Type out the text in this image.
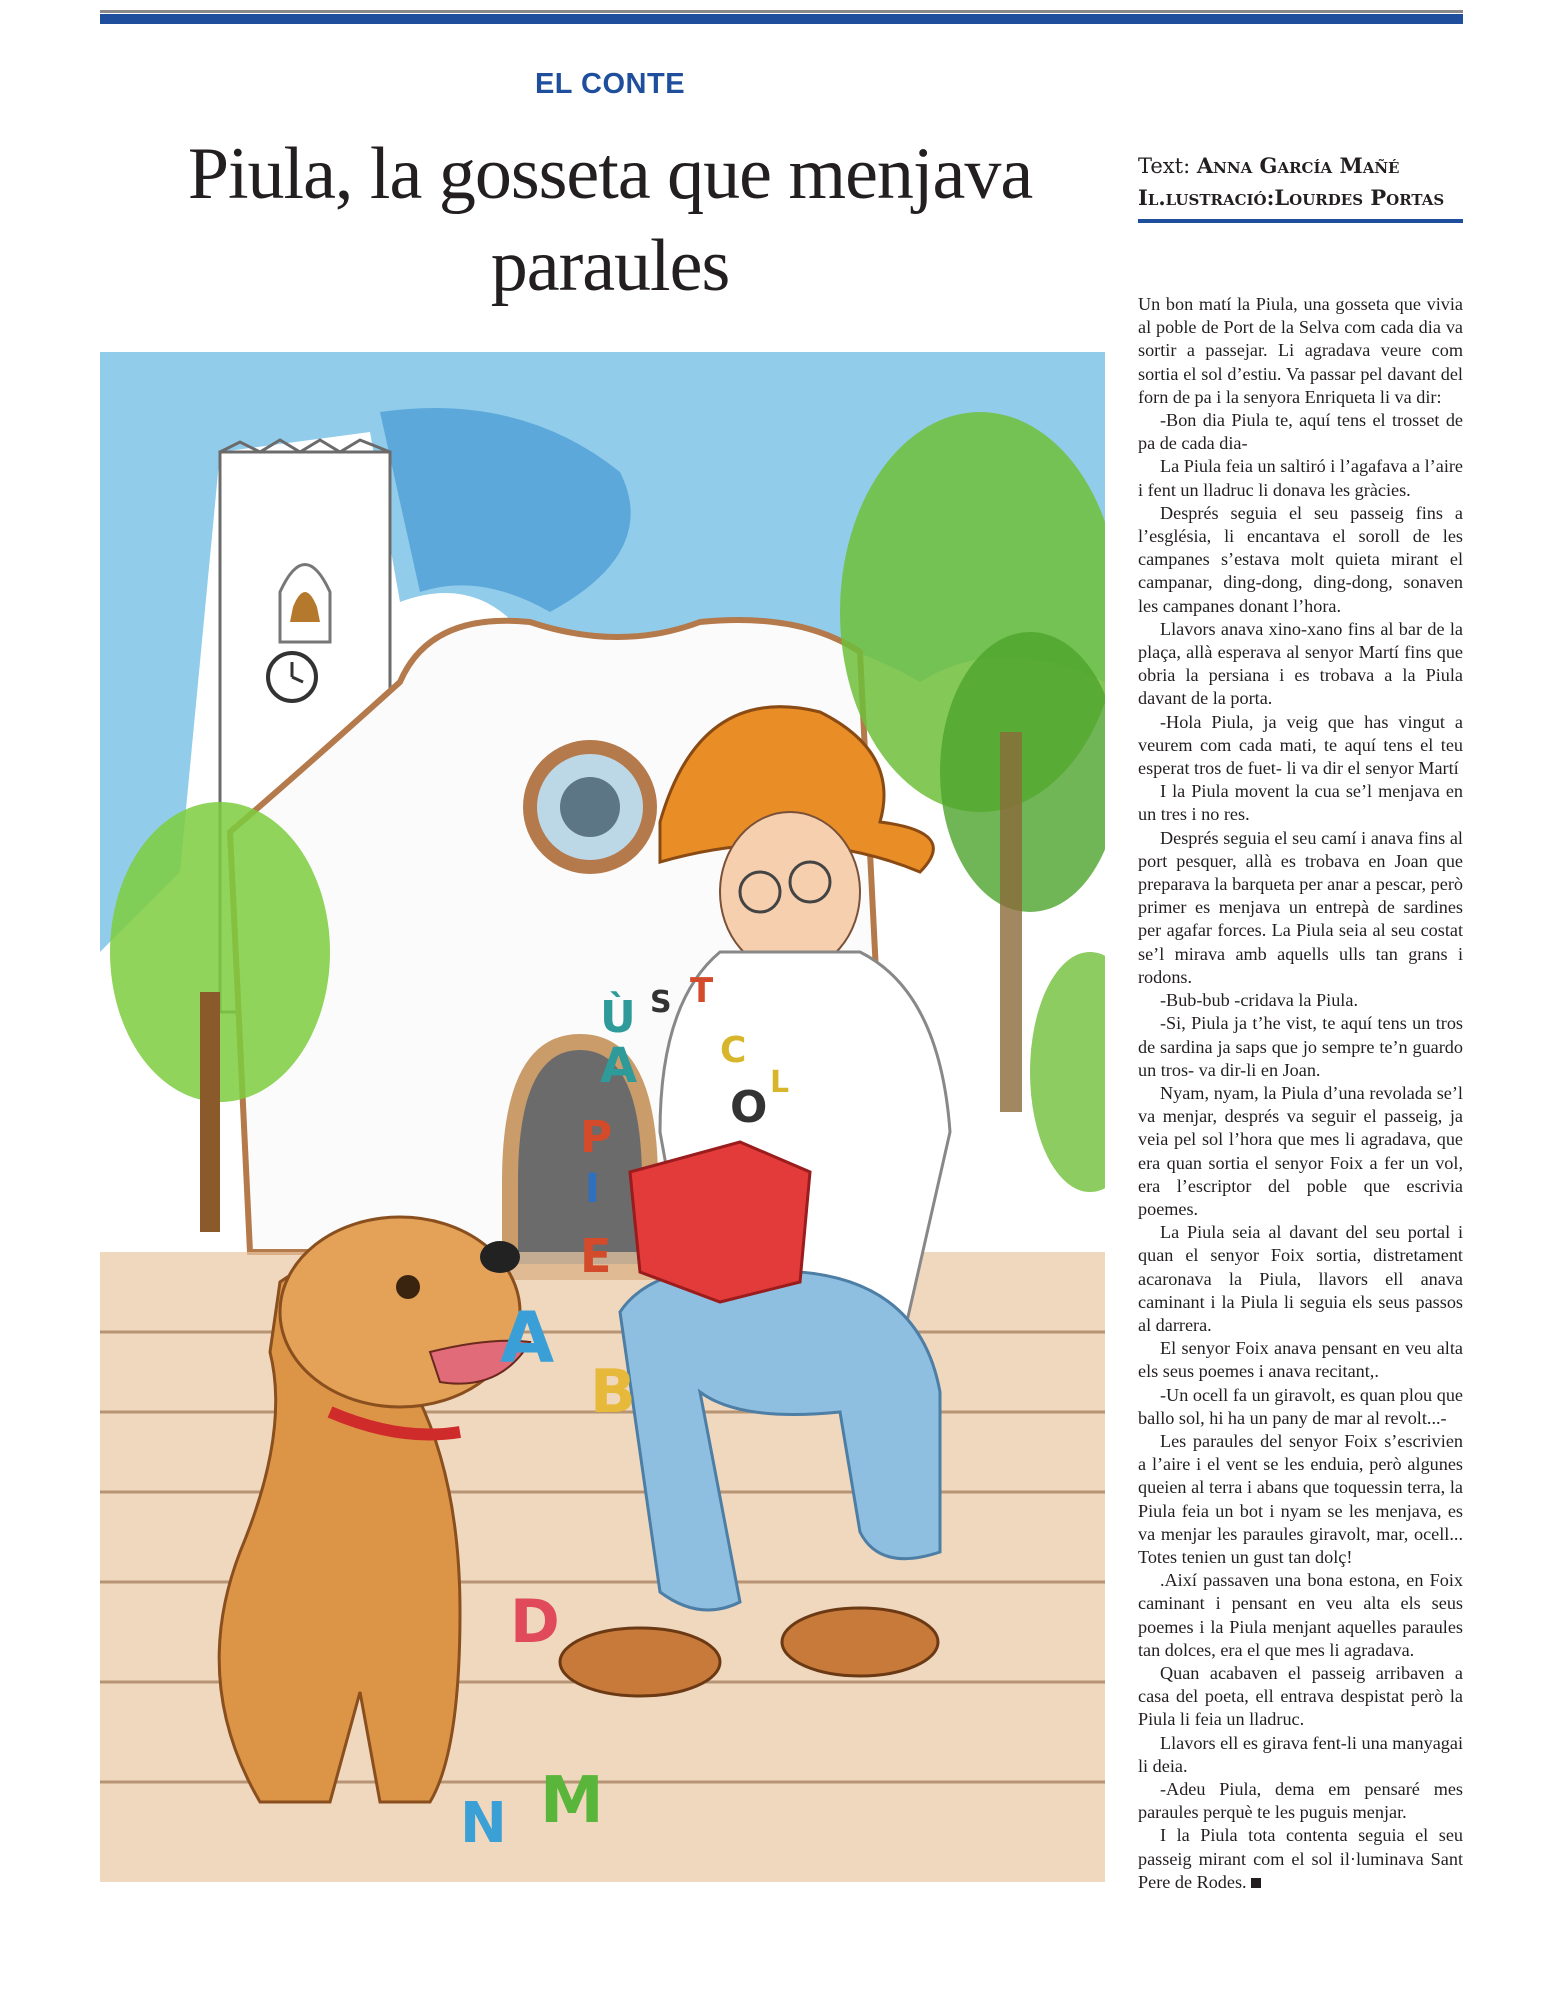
EL CONTE
Piula, la gosseta que menjava
paraules
Text: Anna García Mañé
Il.lustració:Lourdes Portas
Ù S T
C
A
P
O L
I
E
A
B
D
N M

Un bon matí la Piula, una gosseta que vivia al poble de Port de la Selva com cada dia va sortir a passejar. Li agradava veure com sortia el sol d’estiu. Va passar pel davant del forn de pa i la senyora Enriqueta li va dir:

-Bon dia Piula te, aquí tens el trosset de pa de cada dia-

La Piula feia un saltiró i l’agafava a l’aire i fent un lladruc li donava les gràcies.

Després seguia el seu passeig fins a l’església, li encantava el soroll de les campanes s’estava molt quieta mirant el campanar, ding-dong, ding-dong, sonaven les campanes donant l’hora.

Llavors anava xino-xano fins al bar de la plaça, allà esperava al senyor Martí fins que obria la persiana i es trobava a la Piula davant de la porta.

-Hola Piula, ja veig que has vingut a veurem com cada mati, te aquí tens el teu esperat tros de fuet- li va dir el senyor Martí

I la Piula movent la cua se’l menjava en un tres i no res.

Després seguia el seu camí i anava fins al port pesquer, allà es trobava en Joan que preparava la barqueta per anar a pescar, però primer es menjava un entrepà de sardines per agafar forces. La Piula seia al seu costat se’l mirava amb aquells ulls tan grans i rodons.

-Bub-bub -cridava la Piula.

-Si, Piula ja t’he vist, te aquí tens un tros de sardina ja saps que jo sempre te’n guardo un tros- va dir-li en Joan.

Nyam, nyam, la Piula d’una revolada se’l va menjar, després va seguir el passeig, ja veia pel sol l’hora que mes li agradava, que era quan sortia el senyor Foix a fer un vol, era l’escriptor del poble que escrivia poemes.

La Piula seia al davant del seu portal i quan el senyor Foix sortia, distretament acaronava la Piula, llavors ell anava caminant i la Piula li seguia els seus passos al darrera.

El senyor Foix anava pensant en veu alta els seus poemes i anava recitant,.

-Un ocell fa un giravolt, es quan plou que ballo sol, hi ha un pany de mar al revolt...-

Les paraules del senyor Foix s’escrivien a l’aire i el vent se les enduia, però algunes queien al terra i abans que toquessin terra, la Piula feia un bot i nyam se les menjava, es va menjar les paraules giravolt, mar, ocell... Totes tenien un gust tan dolç!

.Així passaven una bona estona, en Foix caminant i pensant en veu alta els seus poemes i la Piula menjant aquelles paraules tan dolces, era el que mes li agradava.

Quan acabaven el passeig arribaven a casa del poeta, ell entrava despistat però la Piula li feia un lladruc.

Llavors ell es girava fent-li una manyagai li deia.

-Adeu Piula, dema em pensaré mes paraules perquè te les puguis menjar.

I la Piula tota contenta seguia el seu passeig mirant com el sol il·luminava Sant Pere de Rodes.
